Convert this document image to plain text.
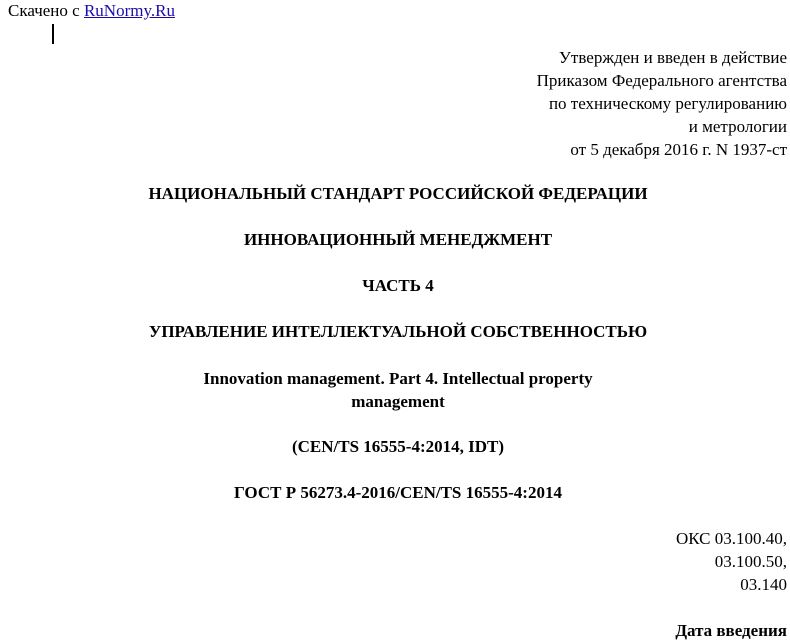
Скачено с RuNormy.Ru
Утвержден и введен в действие
Приказом Федерального агентства
по техническому регулированию
и метрологии
от 5 декабря 2016 г. N 1937-ст
НАЦИОНАЛЬНЫЙ СТАНДАРТ РОССИЙСКОЙ ФЕДЕРАЦИИ
ИННОВАЦИОННЫЙ МЕНЕДЖМЕНТ
ЧАСТЬ 4
УПРАВЛЕНИЕ ИНТЕЛЛЕКТУАЛЬНОЙ СОБСТВЕННОСТЬЮ
Innovation management. Part 4. Intellectual property
management
(CEN/TS 16555-4:2014, IDT)
ГОСТ Р 56273.4-2016/CEN/TS 16555-4:2014
ОКС 03.100.40,
03.100.50,
03.140
Дата введения
